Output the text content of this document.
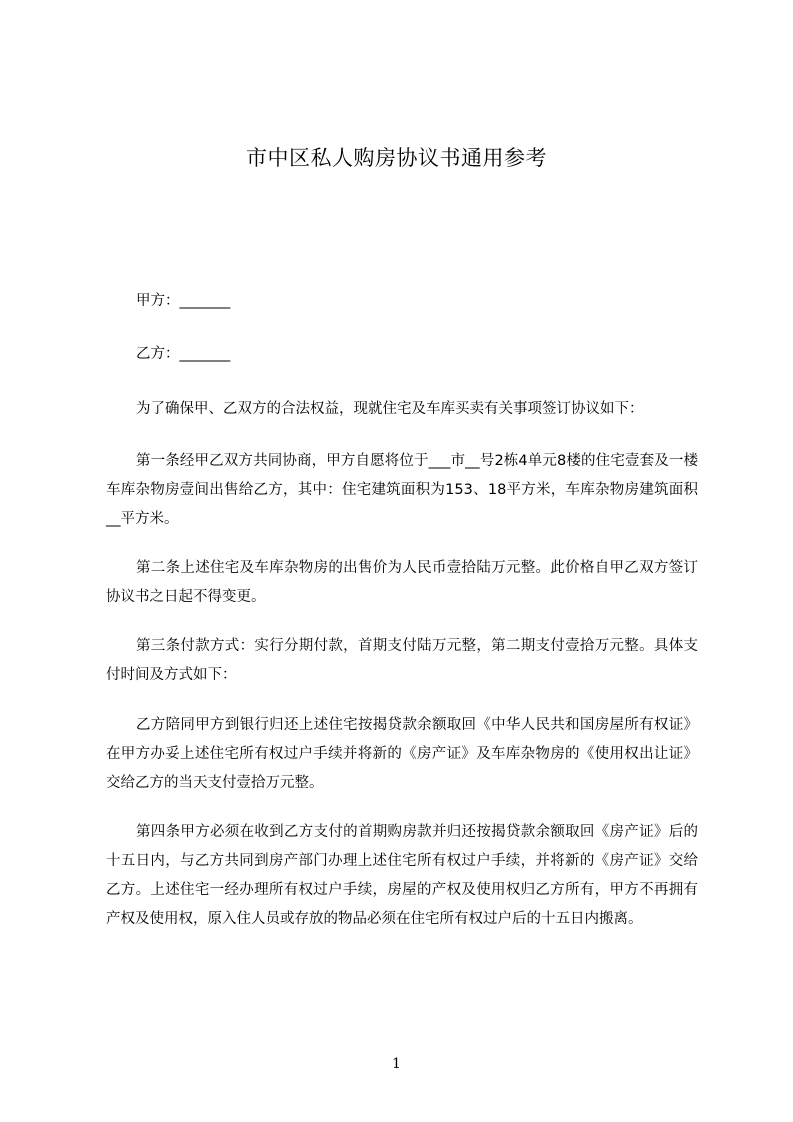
市中区私人购房协议书通用参考

甲方：_______

乙方：_______

为了确保甲、乙双方的合法权益，现就住宅及车库买卖有关事项签订协议如下：

第一条经甲乙双方共同协商，甲方自愿将位于___市__号2栋4单元8楼的住宅壹套及一楼车库杂物房壹间出售给乙方，其中：住宅建筑面积为153、18平方米，车库杂物房建筑面积__平方米。

第二条上述住宅及车库杂物房的出售价为人民币壹拾陆万元整。此价格自甲乙双方签订协议书之日起不得变更。

第三条付款方式：实行分期付款，首期支付陆万元整，第二期支付壹拾万元整。具体支付时间及方式如下：

乙方陪同甲方到银行归还上述住宅按揭贷款余额取回《中华人民共和国房屋所有权证》在甲方办妥上述住宅所有权过户手续并将新的《房产证》及车库杂物房的《使用权出让证》交给乙方的当天支付壹拾万元整。

第四条甲方必须在收到乙方支付的首期购房款并归还按揭贷款余额取回《房产证》后的十五日内，与乙方共同到房产部门办理上述住宅所有权过户手续，并将新的《房产证》交给乙方。上述住宅一经办理所有权过户手续，房屋的产权及使用权归乙方所有，甲方不再拥有产权及使用权，原入住人员或存放的物品必须在住宅所有权过户后的十五日内搬离。

1
